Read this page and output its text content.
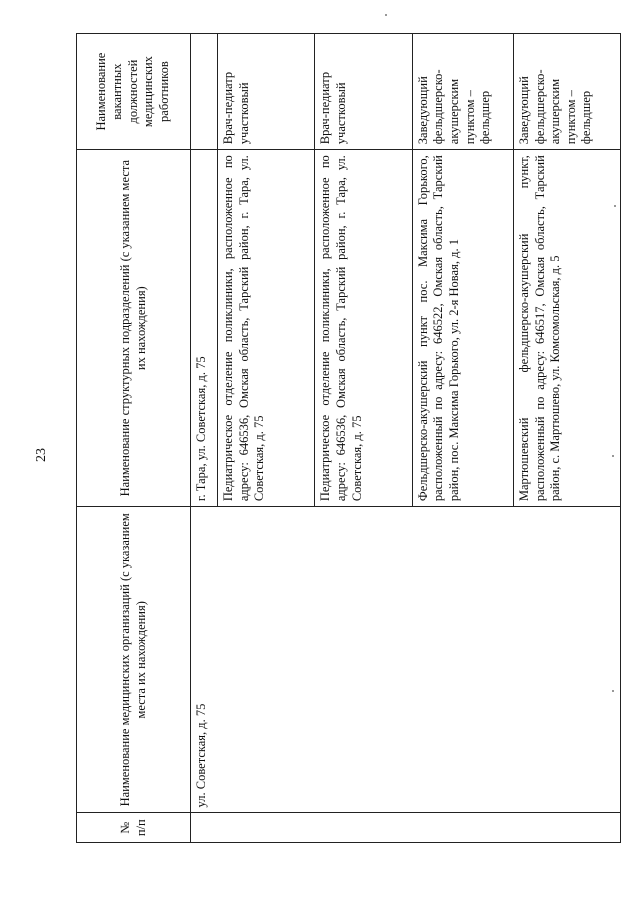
23
№ п/п	Наименование медицинских организаций (с указанием места их нахождения)	Наименование структурных подразделений (с указанием места их нахождения)	Наименование вакантных должностей медицинских работников
	ул. Советская, д. 75	г. Тара, ул. Советская, д. 75	
		Педиатрическое отделение поликлиники, расположенное по адресу: 646536, Омская область, Тарский район, г. Тара, ул. Советская, д. 75	Врач-педиатр участковый
		Педиатрическое отделение поликлиники, расположенное по адресу: 646536, Омская область, Тарский район, г. Тара, ул. Советская, д. 75	Врач-педиатр участковый
		Фельдшерско-акушерский пункт пос. Максима Горького, расположенный по адресу: 646522, Омская область, Тарский район, пос. Максима Горького, ул. 2-я Новая, д. 1	Заведующий фельдшерско-акушерским пунктом – фельдшер
		Мартюшевский фельдшерско-акушерский пункт, расположенный по адресу: 646517, Омская область, Тарский район, с. Мартюшево, ул. Комсомольская, д. 5	Заведующий фельдшерско-акушерским пунктом – фельдшер
